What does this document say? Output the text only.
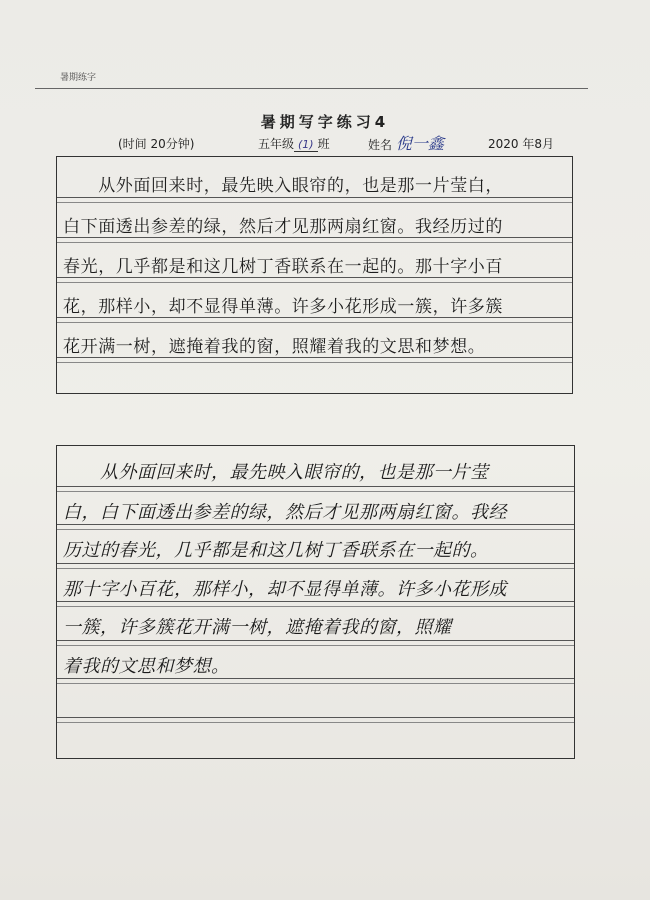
暑期练字
暑期写字练习4
(时间 20分钟)	五年级 (1) 班	姓名 倪一鑫	2020 年8月
　　从外面回来时，最先映入眼帘的，也是那一片莹白，
白下面透出参差的绿，然后才见那两扇红窗。我经历过的
春光，几乎都是和这几树丁香联系在一起的。那十字小百
花，那样小，却不显得单薄。许多小花形成一簇，许多簇
花开满一树，遮掩着我的窗，照耀着我的文思和梦想。
　　从外面回来时，最先映入眼帘的，也是那一片莹
白，白下面透出参差的绿，然后才见那两扇红窗。我经
历过的春光，几乎都是和这几树丁香联系在一起的。
那十字小百花，那样小，却不显得单薄。许多小花形成
一簇，许多簇花开满一树，遮掩着我的窗，照耀
着我的文思和梦想。
